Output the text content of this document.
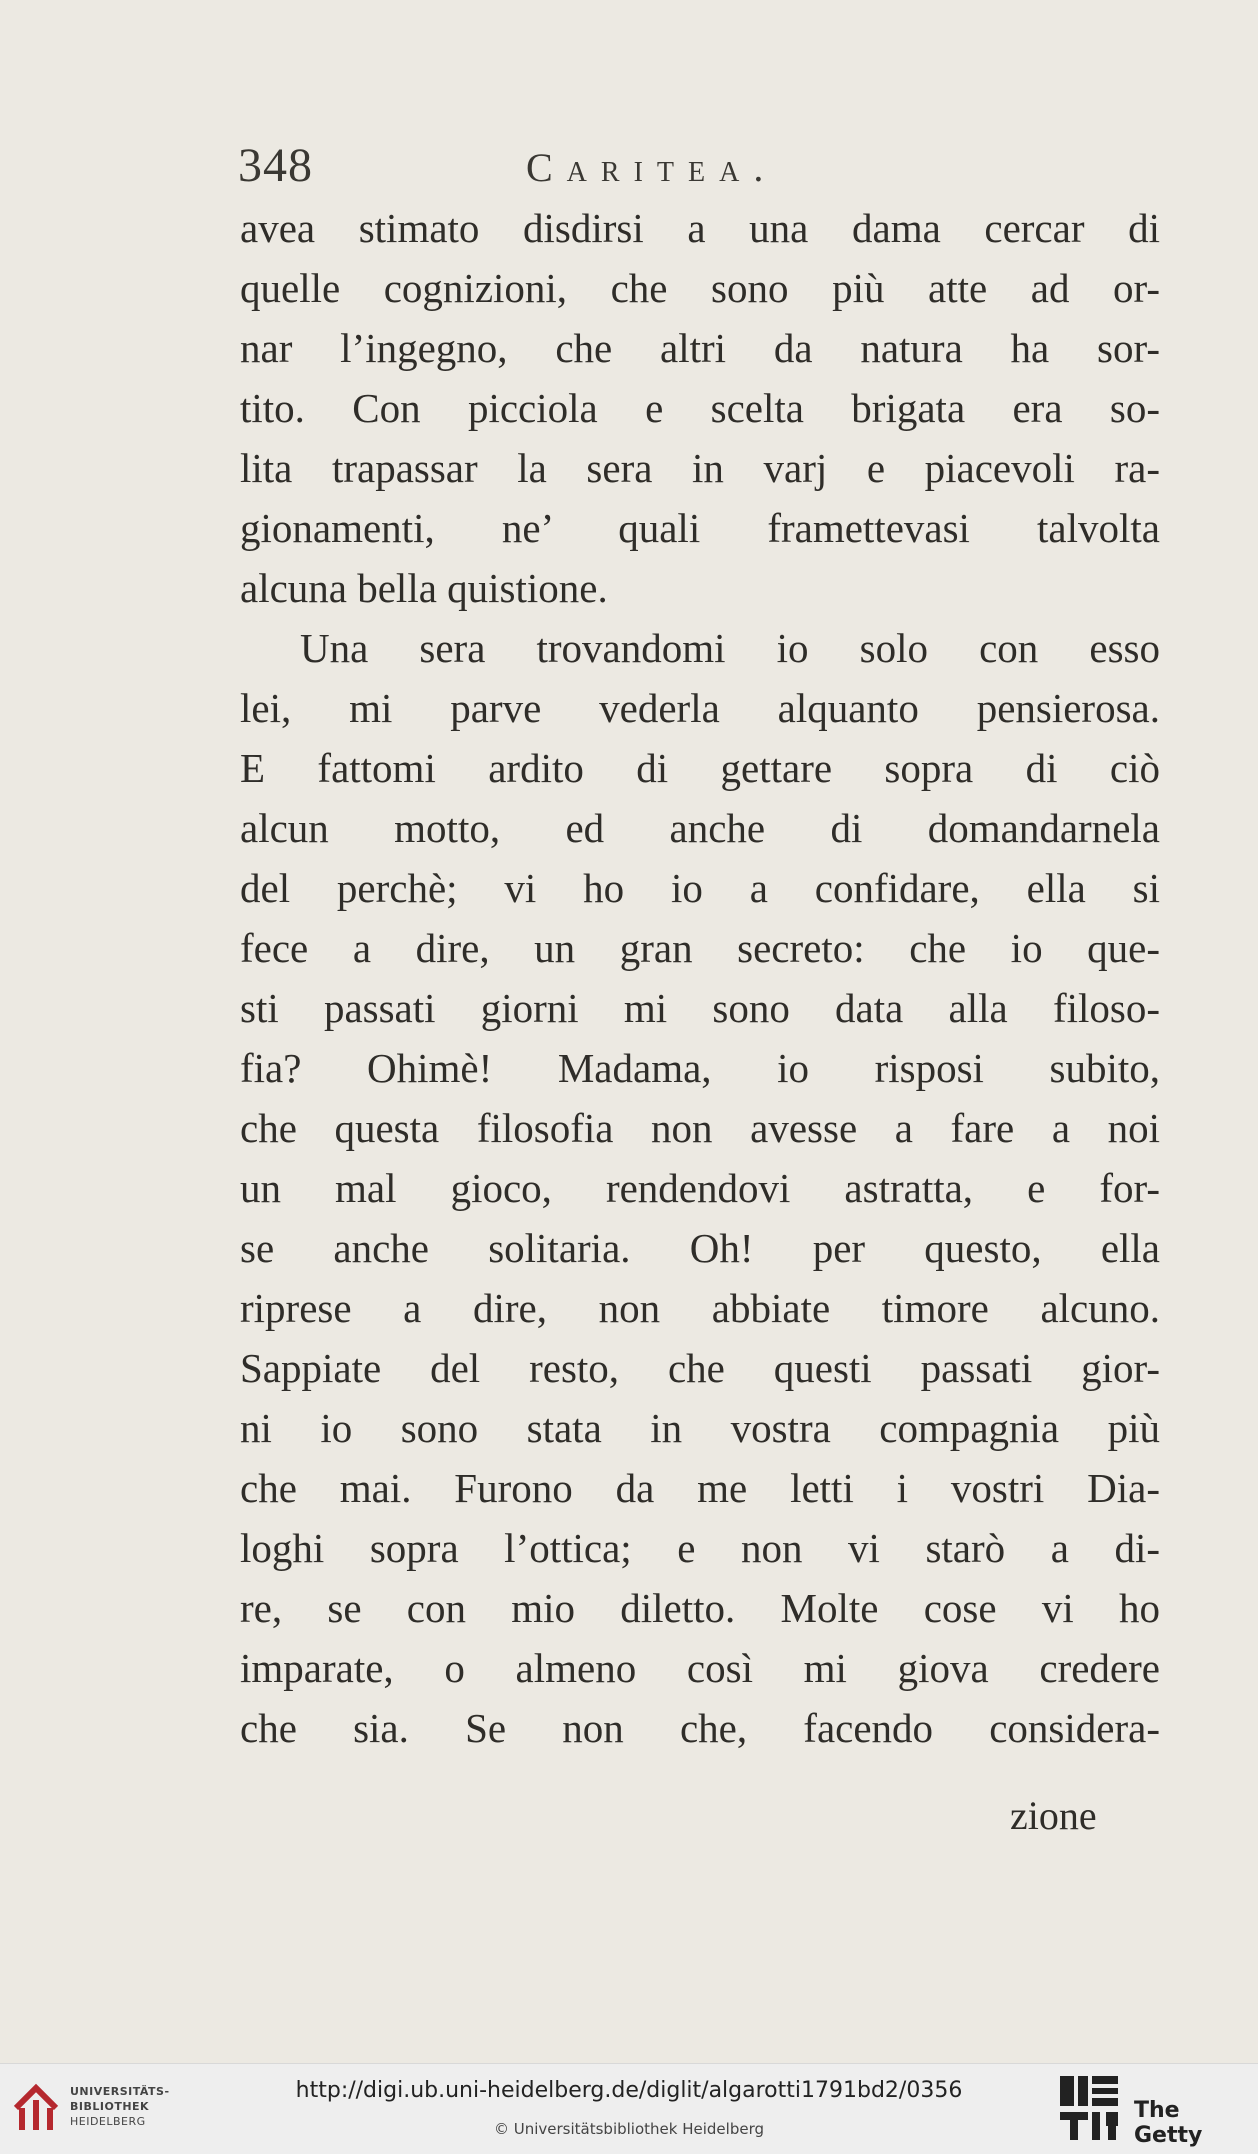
348	Caritea.
avea stimato disdirsi a una dama cercar di
quelle cognizioni, che sono più atte ad or-
nar l’ingegno, che altri da natura ha sor-
tito. Con picciola e scelta brigata era so-
lita trapassar la sera in varj e piacevoli ra-
gionamenti, ne’ quali framettevasi talvolta
alcuna bella quistione.
Una sera trovandomi io solo con esso
lei, mi parve vederla alquanto pensierosa.
E fattomi ardito di gettare sopra di ciò
alcun motto, ed anche di domandarnela
del perchè; vi ho io a confidare, ella si
fece a dire, un gran secreto: che io que-
sti passati giorni mi sono data alla filoso-
fia? Ohimè! Madama, io risposi subito,
che questa filosofia non avesse a fare a noi
un mal gioco, rendendovi astratta, e for-
se anche solitaria. Oh! per questo, ella
riprese a dire, non abbiate timore alcuno.
Sappiate del resto, che questi passati gior-
ni io sono stata in vostra compagnia più
che mai. Furono da me letti i vostri Dia-
loghi sopra l’ottica; e non vi starò a di-
re, se con mio diletto. Molte cose vi ho
imparate, o almeno così mi giova credere
che sia. Se non che, facendo considera-
zione
UNIVERSITÄTS-
BIBLIOTHEK
HEIDELBERG
http://digi.ub.uni-heidelberg.de/diglit/algarotti1791bd2/0356
© Universitätsbibliothek Heidelberg
The Getty
